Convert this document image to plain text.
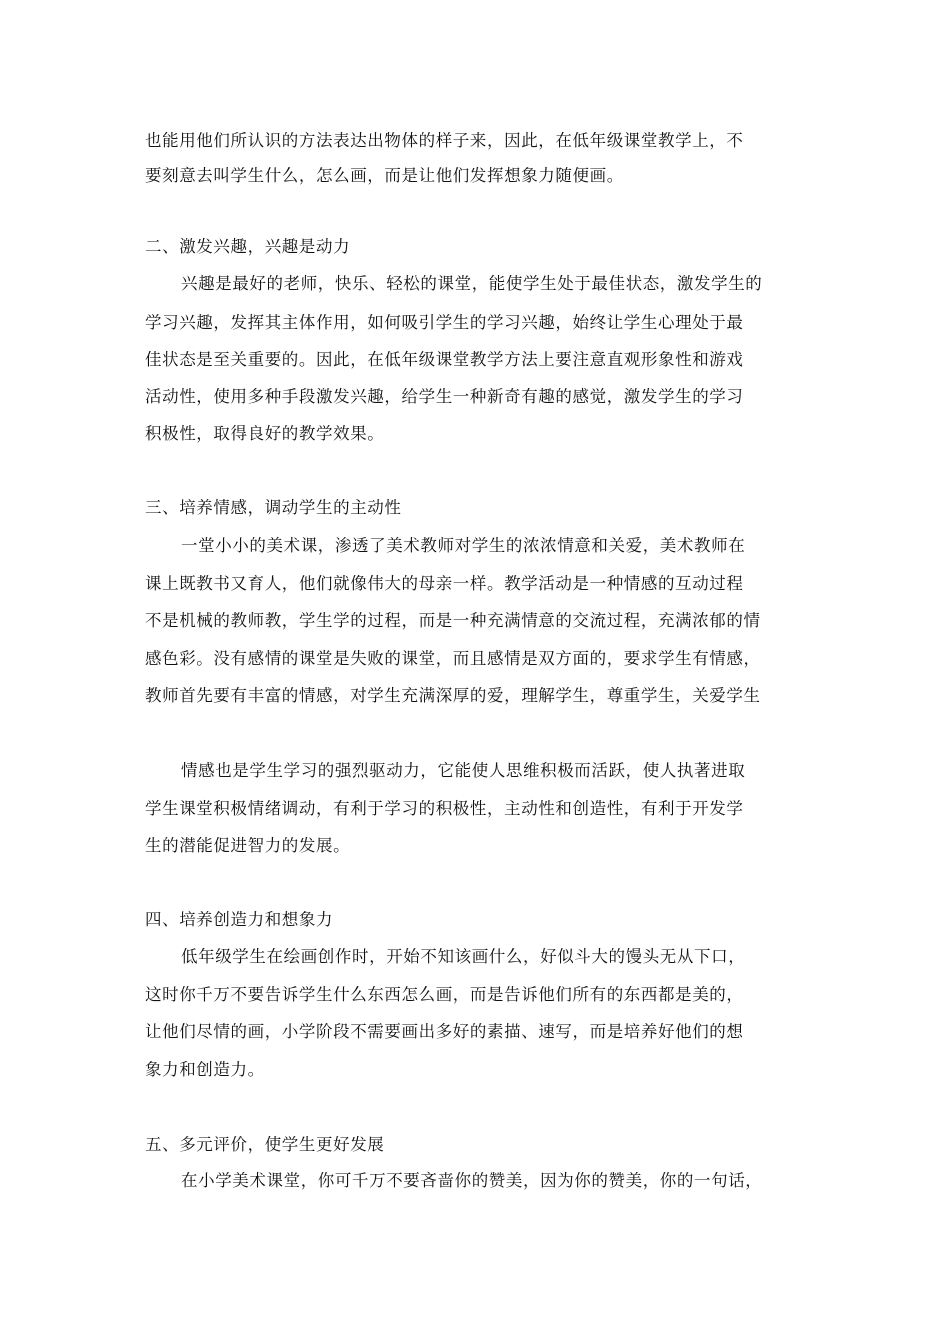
也能用他们所认识的方法表达出物体的样子来，因此，在低年级课堂教学上，不
要刻意去叫学生什么，怎么画，而是让他们发挥想象力随便画。
二、激发兴趣，兴趣是动力
兴趣是最好的老师，快乐、轻松的课堂，能使学生处于最佳状态，激发学生的
学习兴趣，发挥其主体作用，如何吸引学生的学习兴趣，始终让学生心理处于最
佳状态是至关重要的。因此，在低年级课堂教学方法上要注意直观形象性和游戏
活动性，使用多种手段激发兴趣，给学生一种新奇有趣的感觉，激发学生的学习
积极性，取得良好的教学效果。
三、培养情感，调动学生的主动性
一堂小小的美术课，渗透了美术教师对学生的浓浓情意和关爱，美术教师在
课上既教书又育人，他们就像伟大的母亲一样。教学活动是一种情感的互动过程
不是机械的教师教，学生学的过程，而是一种充满情意的交流过程，充满浓郁的情
感色彩。没有感情的课堂是失败的课堂，而且感情是双方面的，要求学生有情感，
教师首先要有丰富的情感，对学生充满深厚的爱，理解学生，尊重学生，关爱学生
情感也是学生学习的强烈驱动力，它能使人思维积极而活跃，使人执著进取
学生课堂积极情绪调动，有利于学习的积极性，主动性和创造性，有利于开发学
生的潜能促进智力的发展。
四、培养创造力和想象力
低年级学生在绘画创作时，开始不知该画什么，好似斗大的馒头无从下口，
这时你千万不要告诉学生什么东西怎么画，而是告诉他们所有的东西都是美的，
让他们尽情的画，小学阶段不需要画出多好的素描、速写，而是培养好他们的想
象力和创造力。
五、多元评价，使学生更好发展
在小学美术课堂，你可千万不要吝啬你的赞美，因为你的赞美，你的一句话，
